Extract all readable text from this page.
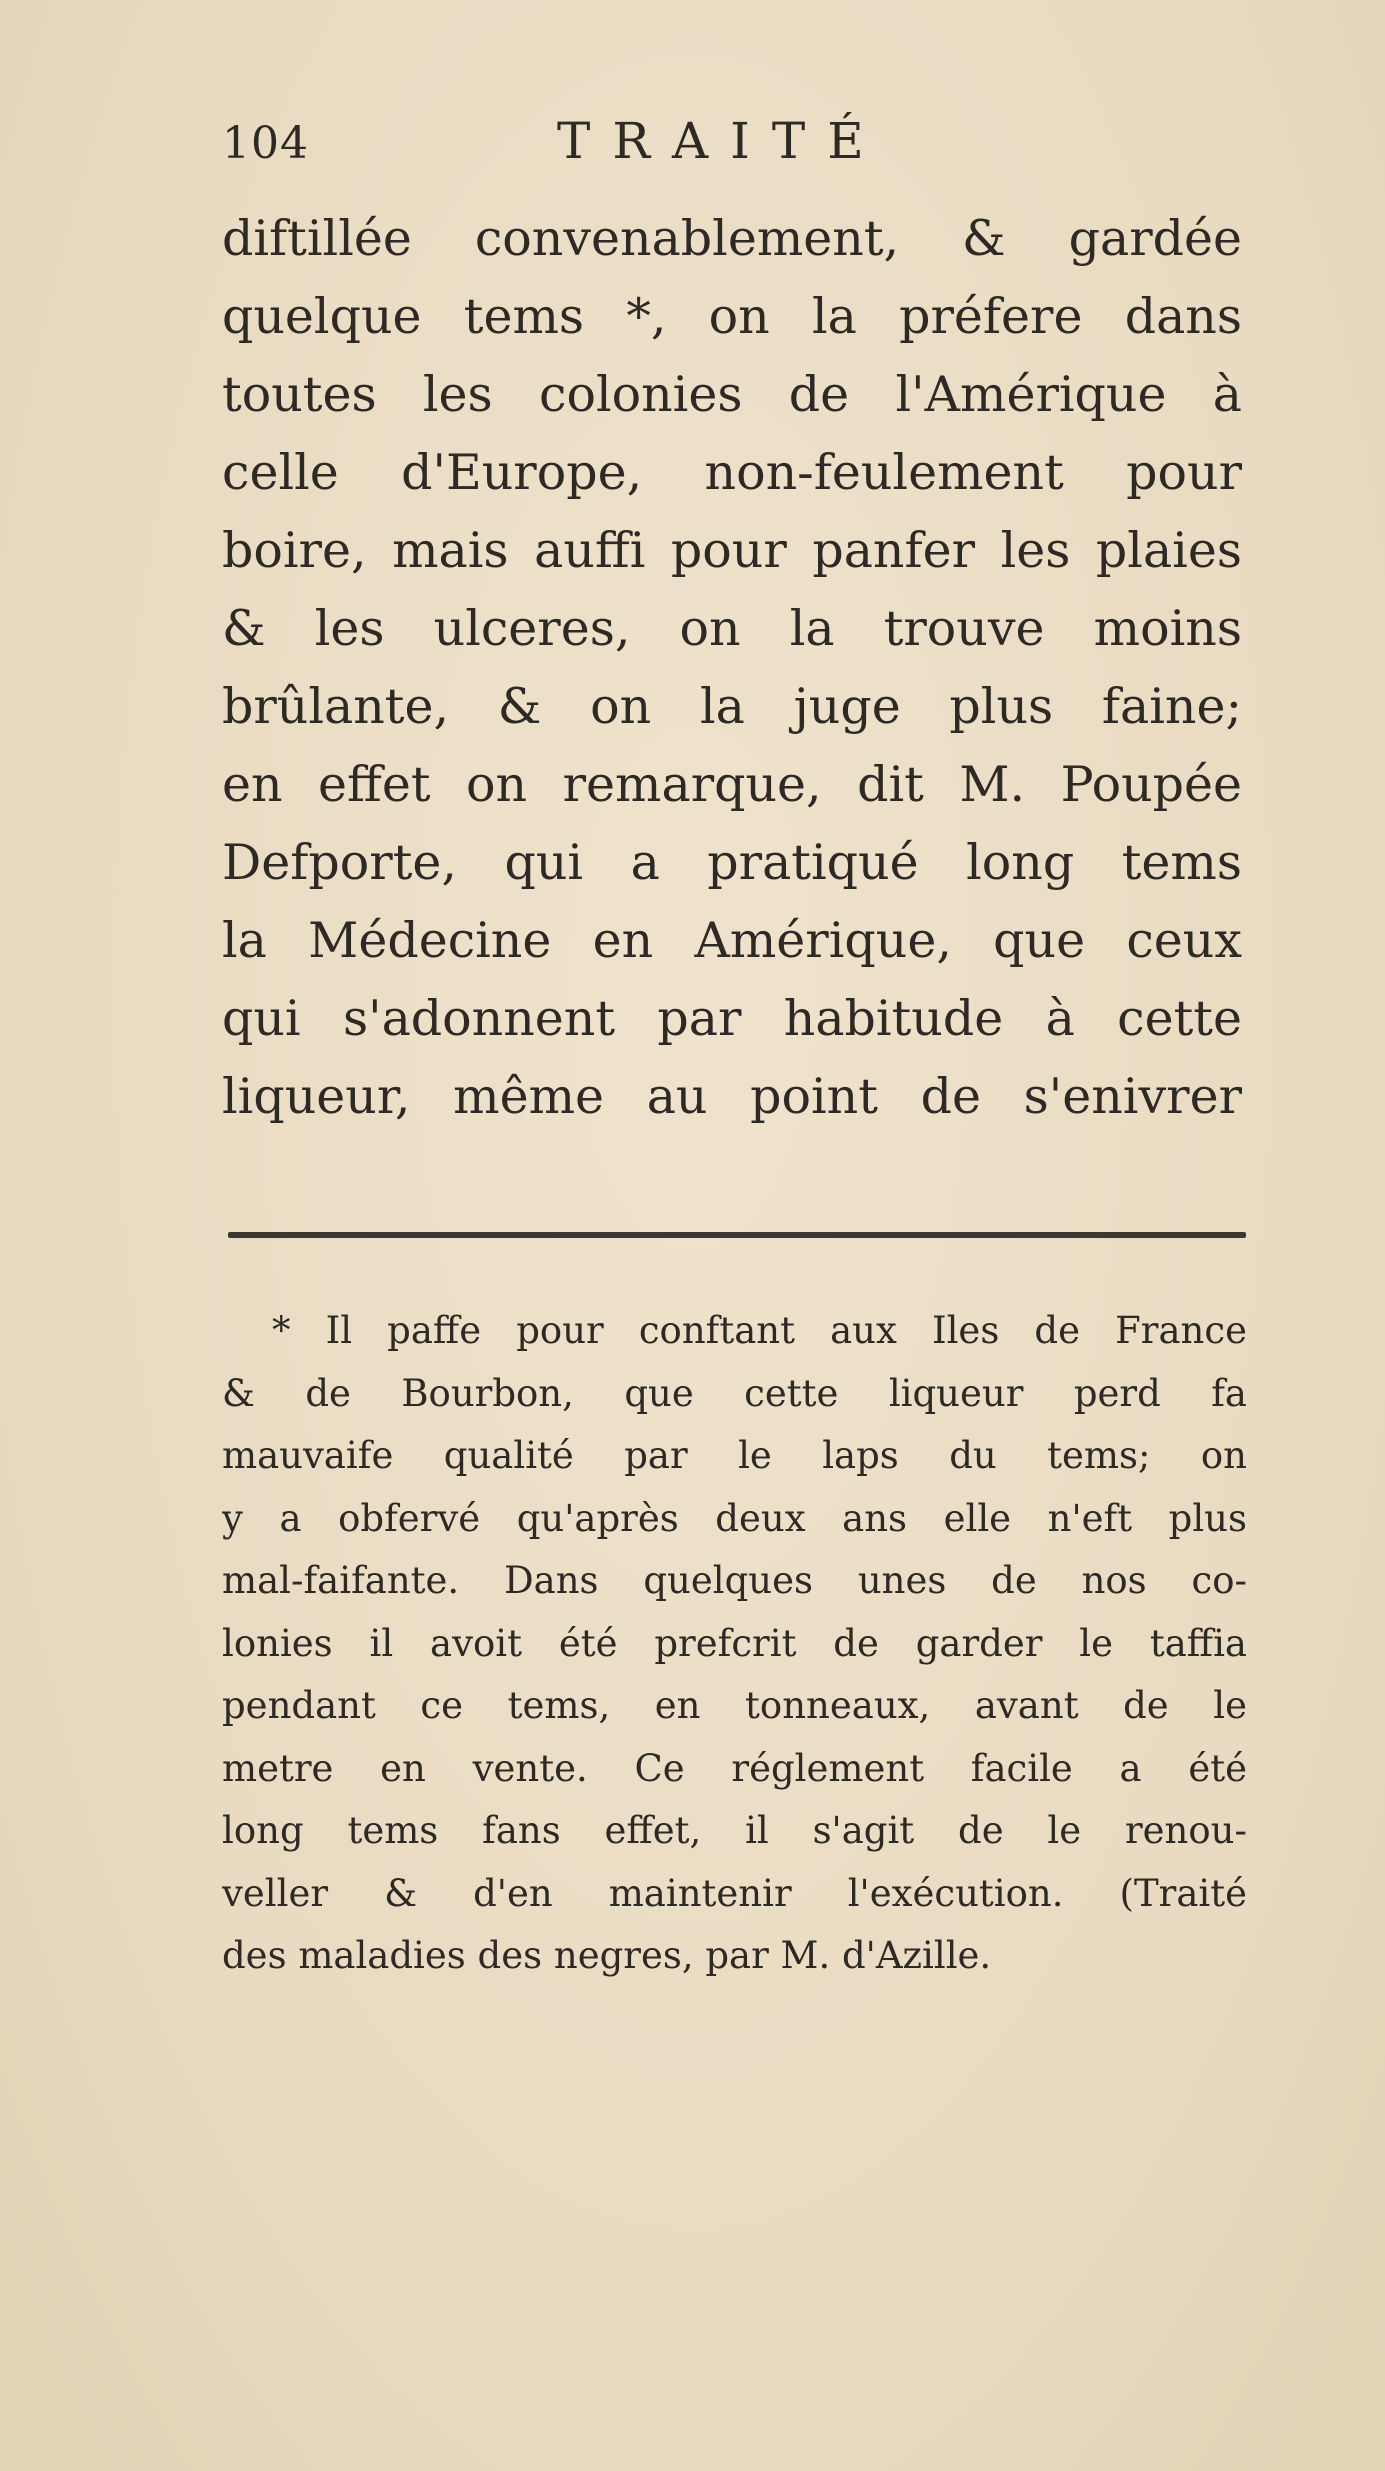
104	TRAITÉ
diftillée convenablement, & gardée
quelque tems *, on la préfere dans
toutes les colonies de l'Amérique à
celle d'Europe, non-feulement pour
boire, mais auffi pour panfer les plaies
& les ulceres, on la trouve moins
brûlante, & on la juge plus faine;
en effet on remarque, dit M. Poupée
Defporte, qui a pratiqué long tems
la Médecine en Amérique, que ceux
qui s'adonnent par habitude à cette
liqueur, même au point de s'enivrer
* Il paffe pour conftant aux Iles de France
& de Bourbon, que cette liqueur perd fa
mauvaife qualité par le laps du tems; on
y a obfervé qu'après deux ans elle n'eft plus
mal-faifante. Dans quelques unes de nos co-
lonies il avoit été prefcrit de garder le taffia
pendant ce tems, en tonneaux, avant de le
metre en vente. Ce réglement facile a été
long tems fans effet, il s'agit de le renou-
veller & d'en maintenir l'exécution. (Traité
des maladies des negres, par M. d'Azille.
